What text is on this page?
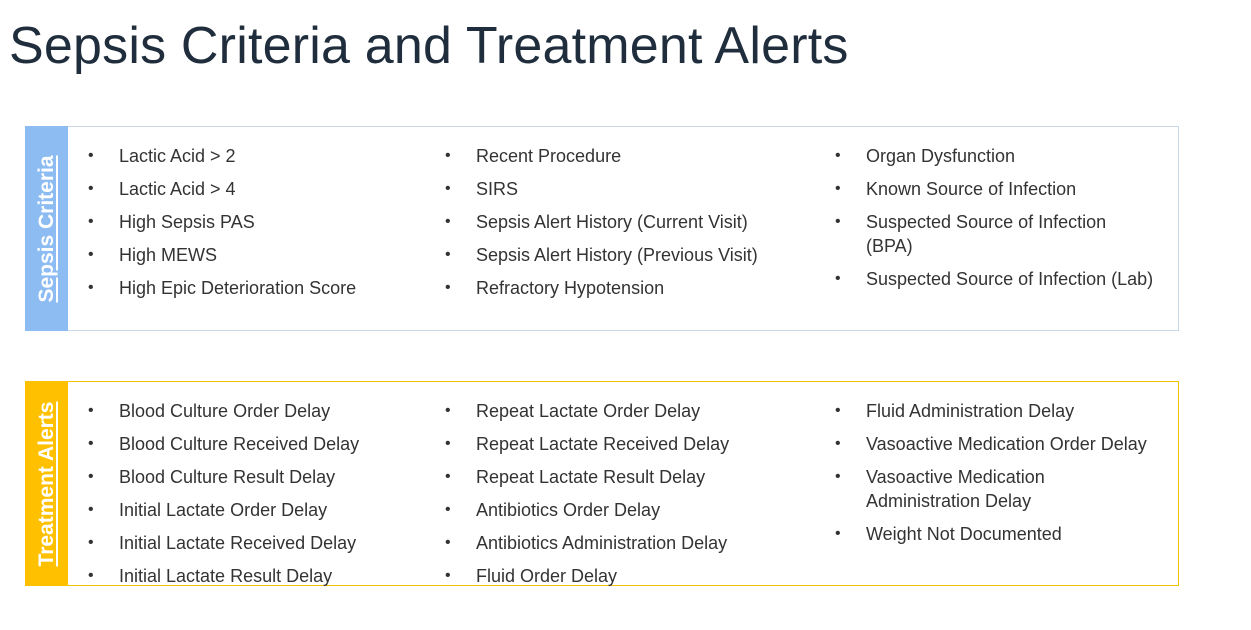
Sepsis Criteria and Treatment Alerts
Sepsis Criteria	• Lactic Acid > 2
• Lactic Acid > 4
• High Sepsis PAS
• High MEWS
• High Epic Deterioration Score
• Recent Procedure
• SIRS
• Sepsis Alert History (Current Visit)
• Sepsis Alert History (Previous Visit)
• Refractory Hypotension
• Organ Dysfunction
• Known Source of Infection
• Suspected Source of Infection (BPA)
• Suspected Source of Infection (Lab)
Treatment Alerts	• Blood Culture Order Delay
• Blood Culture Received Delay
• Blood Culture Result Delay
• Initial Lactate Order Delay
• Initial Lactate Received Delay
• Initial Lactate Result Delay
• Repeat Lactate Order Delay
• Repeat Lactate Received Delay
• Repeat Lactate Result Delay
• Antibiotics Order Delay
• Antibiotics Administration Delay
• Fluid Order Delay
• Fluid Administration Delay
• Vasoactive Medication Order Delay
• Vasoactive Medication Administration Delay
• Weight Not Documented
